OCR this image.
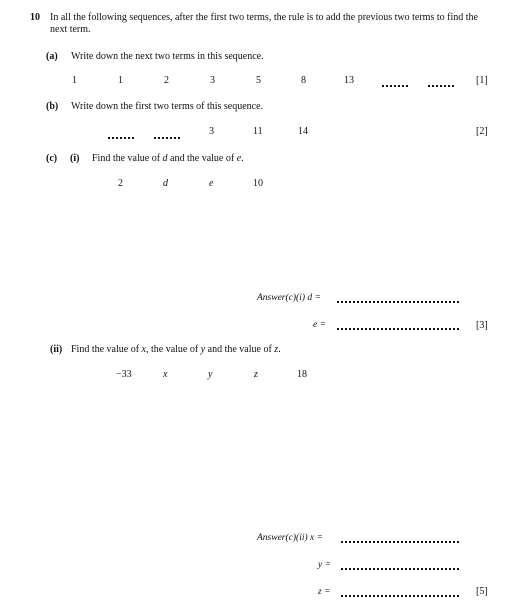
10 In all the following sequences, after the first two terms, the rule is to add the previous two terms to find the next term.
(a) Write down the next two terms in this sequence.
1	1	2	3	5	8	13	[1]
(b) Write down the first two terms of this sequence.
3	11	14	[2]
(c) (i) Find the value of d and the value of e.
2	d	e	10
Answer(c)(i) d =
e =	[3]
(ii) Find the value of x, the value of y and the value of z.
−33	x	y	z	18
Answer(c)(ii) x =
y =
z =	[5]
